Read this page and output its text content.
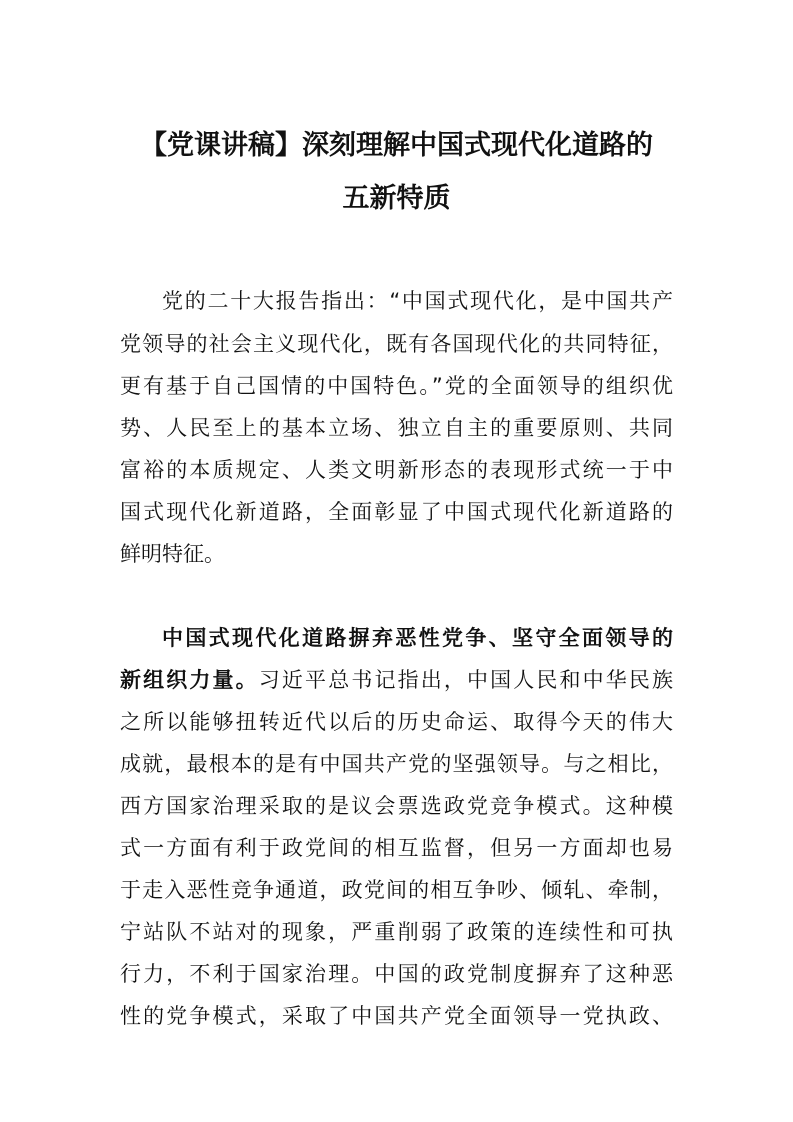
【党课讲稿】深刻理解中国式现代化道路的
五新特质
党的二十大报告指出：“中国式现代化，是中国共产
党领导的社会主义现代化，既有各国现代化的共同特征，
更有基于自己国情的中国特色。”党的全面领导的组织优
势、人民至上的基本立场、独立自主的重要原则、共同
富裕的本质规定、人类文明新形态的表现形式统一于中
国式现代化新道路，全面彰显了中国式现代化新道路的
鲜明特征。
中国式现代化道路摒弃恶性党争、坚守全面领导的
新组织力量。习近平总书记指出，中国人民和中华民族
之所以能够扭转近代以后的历史命运、取得今天的伟大
成就，最根本的是有中国共产党的坚强领导。与之相比，
西方国家治理采取的是议会票选政党竞争模式。这种模
式一方面有利于政党间的相互监督，但另一方面却也易
于走入恶性竞争通道，政党间的相互争吵、倾轧、牵制，
宁站队不站对的现象，严重削弱了政策的连续性和可执
行力，不利于国家治理。中国的政党制度摒弃了这种恶
性的党争模式，采取了中国共产党全面领导一党执政、
